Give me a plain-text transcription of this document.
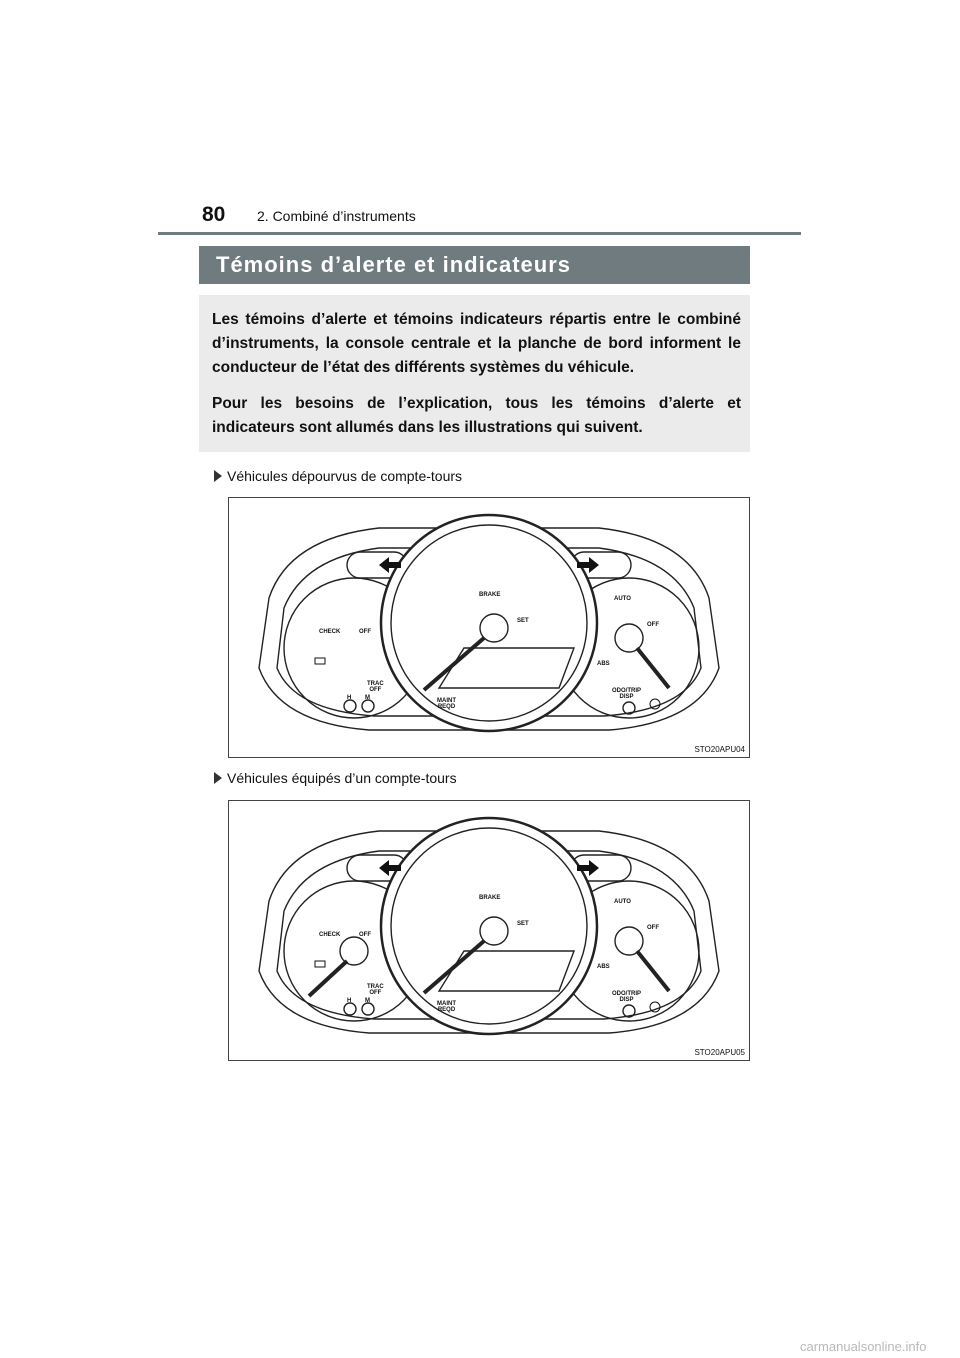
80 2. Combiné d’instruments
Témoins d’alerte et indicateurs

Les témoins d’alerte et témoins indicateurs répartis entre le combiné d’instruments, la console centrale et la planche de bord informent le conducteur de l’état des différents systèmes du véhicule.

Pour les besoins de l’explication, tous les témoins d’alerte et indicateurs sont allumés dans les illustrations qui suivent.

Véhicules dépourvus de compte-tours
BRAKE
SET
CHECK	OFF
TRAC
OFF
H M	MAINT
REQD
ABS
AUTO
OFF
ODO/TRIP
DISP
STO20APU04
Véhicules équipés d’un compte-tours
BRAKE
SET
CHECK	OFF
TRAC
OFF
H M	MAINT
REQD
ABS
AUTO
OFF
ODO/TRIP
DISP
STO20APU05
carmanualsonline.info
